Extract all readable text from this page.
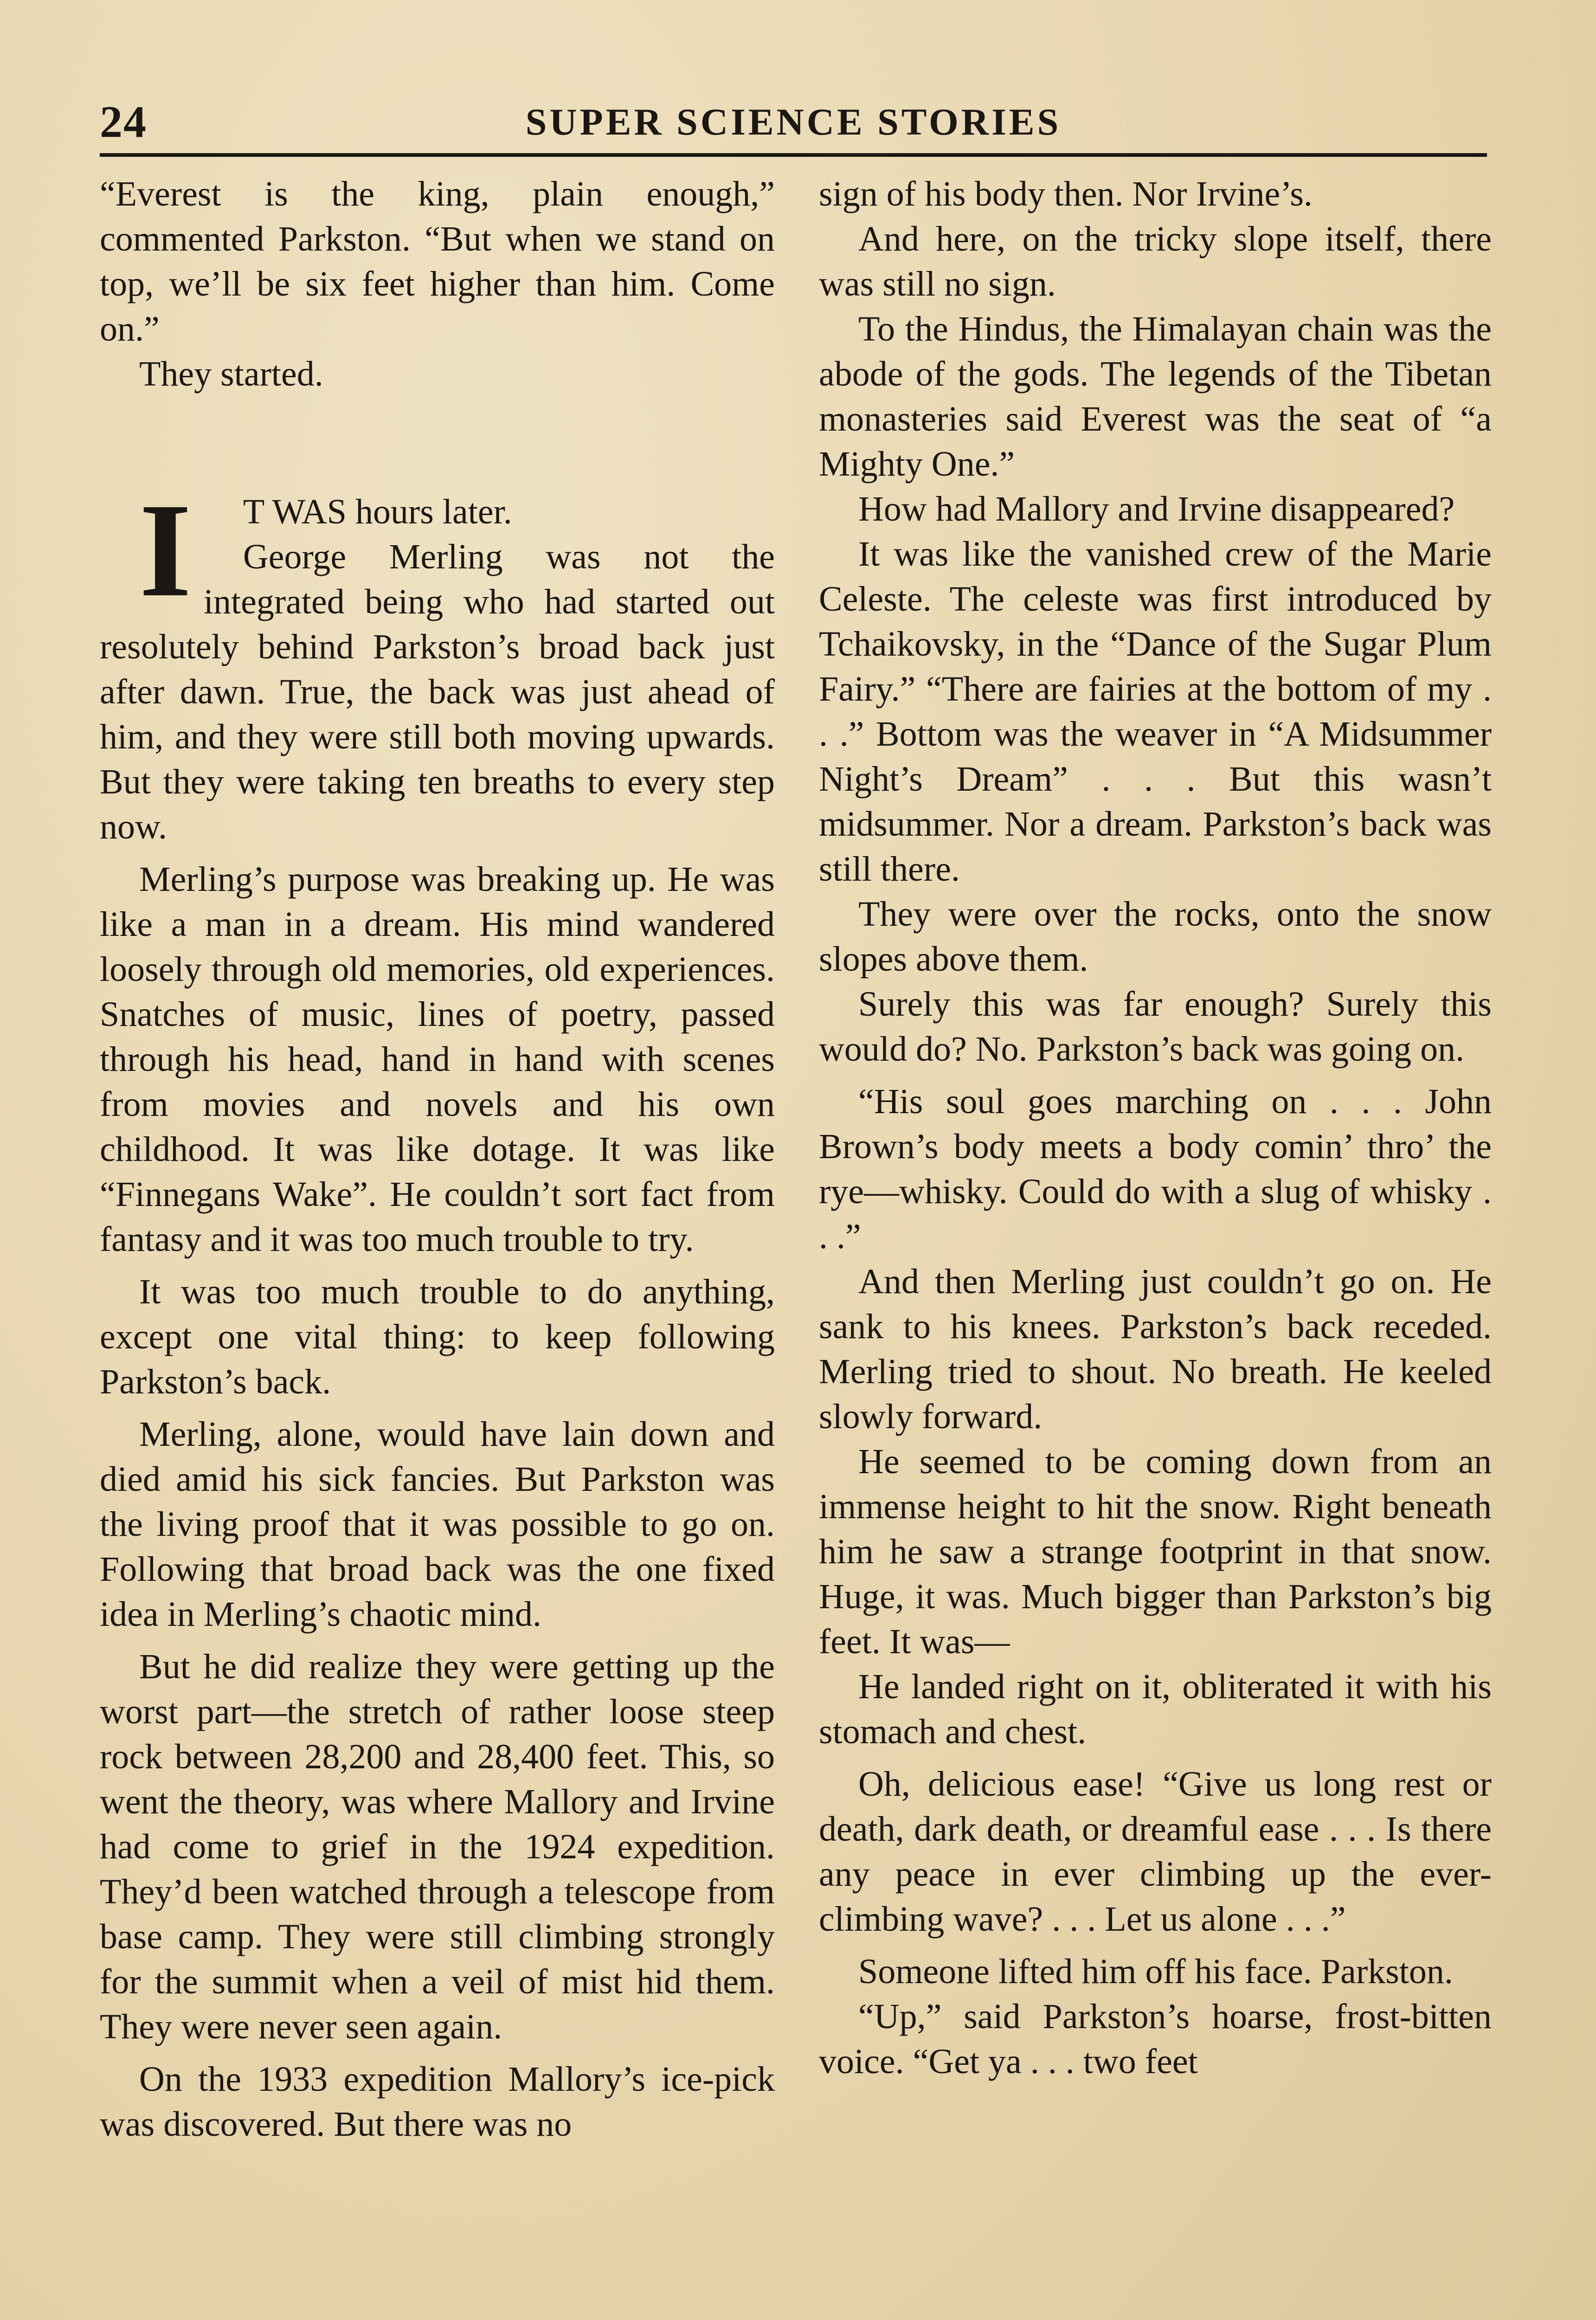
24	SUPER SCIENCE STORIES

“Everest is the king, plain enough,” commented Parkston. “But when we stand on top, we’ll be six feet higher than him. Come on.”

They started.

I T WAS hours later.

George Merling was not the integrated being who had started out resolutely behind Parkston’s broad back just after dawn. True, the back was just ahead of him, and they were still both moving upwards. But they were taking ten breaths to every step now.

Merling’s purpose was breaking up. He was like a man in a dream. His mind wandered loosely through old memories, old experiences. Snatches of music, lines of poetry, passed through his head, hand in hand with scenes from movies and novels and his own childhood. It was like dotage. It was like “Finnegans Wake”. He couldn’t sort fact from fantasy and it was too much trouble to try.

It was too much trouble to do anything, except one vital thing: to keep following Parkston’s back.

Merling, alone, would have lain down and died amid his sick fancies. But Parkston was the living proof that it was possible to go on. Following that broad back was the one fixed idea in Merling’s chaotic mind.

But he did realize they were getting up the worst part—the stretch of rather loose steep rock between 28,200 and 28,400 feet. This, so went the theory, was where Mallory and Irvine had come to grief in the 1924 expedition. They’d been watched through a telescope from base camp. They were still climbing strongly for the summit when a veil of mist hid them. They were never seen again.

On the 1933 expedition Mallory’s ice-pick was discovered. But there was no

sign of his body then. Nor Irvine’s.

And here, on the tricky slope itself, there was still no sign.

To the Hindus, the Himalayan chain was the abode of the gods. The legends of the Tibetan monasteries said Everest was the seat of “a Mighty One.”

How had Mallory and Irvine disappeared?

It was like the vanished crew of the Marie Celeste. The celeste was first introduced by Tchaikovsky, in the “Dance of the Sugar Plum Fairy.” “There are fairies at the bottom of my . . .” Bottom was the weaver in “A Midsummer Night’s Dream” . . . But this wasn’t midsummer. Nor a dream. Parkston’s back was still there.

They were over the rocks, onto the snow slopes above them.

Surely this was far enough? Surely this would do? No. Parkston’s back was going on.

“His soul goes marching on . . . John Brown’s body meets a body comin’ thro’ the rye—whisky. Could do with a slug of whisky . . .”

And then Merling just couldn’t go on. He sank to his knees. Parkston’s back receded. Merling tried to shout. No breath. He keeled slowly forward.

He seemed to be coming down from an immense height to hit the snow. Right beneath him he saw a strange footprint in that snow. Huge, it was. Much bigger than Parkston’s big feet. It was—

He landed right on it, obliterated it with his stomach and chest.

Oh, delicious ease! “Give us long rest or death, dark death, or dreamful ease . . . Is there any peace in ever climbing up the ever-climbing wave? . . . Let us alone . . .”

Someone lifted him off his face. Parkston.

“Up,” said Parkston’s hoarse, frost-bitten voice. “Get ya . . . two feet
